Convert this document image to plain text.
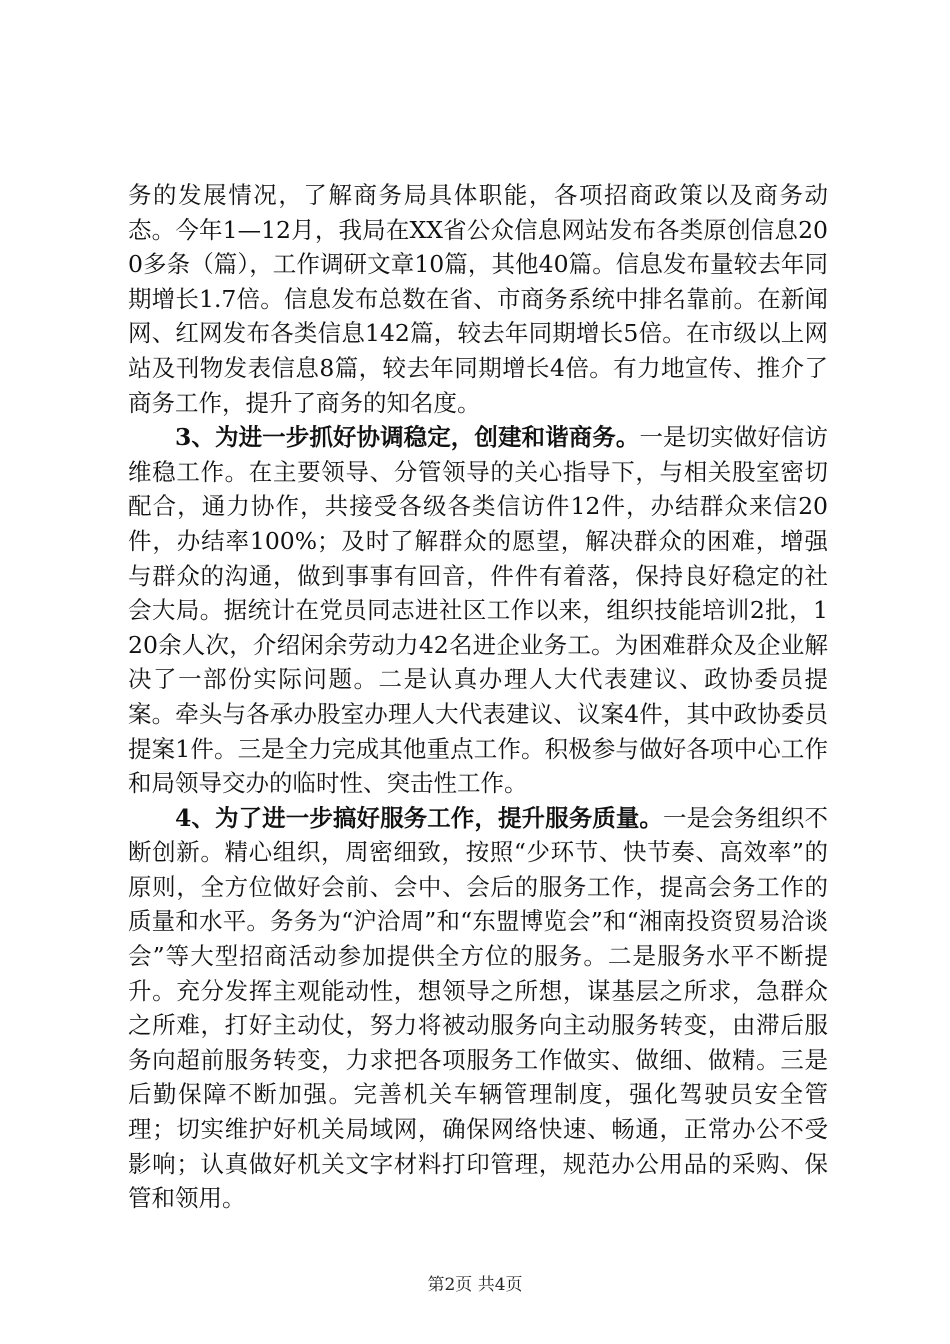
务的发展情况，了解商务局具体职能，各项招商政策以及商务动态。今年1—12月，我局在XX省公众信息网站发布各类原创信息200多条（篇），工作调研文章10篇，其他40篇。信息发布量较去年同期增长1.7倍。信息发布总数在省、市商务系统中排名靠前。在新闻网、红网发布各类信息142篇，较去年同期增长5倍。在市级以上网站及刊物发表信息8篇，较去年同期增长4倍。有力地宣传、推介了商务工作，提升了商务的知名度。

3、为进一步抓好协调稳定，创建和谐商务。一是切实做好信访维稳工作。在主要领导、分管领导的关心指导下，与相关股室密切配合，通力协作，共接受各级各类信访件12件，办结群众来信20件，办结率100%；及时了解群众的愿望，解决群众的困难，增强与群众的沟通，做到事事有回音，件件有着落，保持良好稳定的社会大局。据统计在党员同志进社区工作以来，组织技能培训2批，120余人次，介绍闲余劳动力42名进企业务工。为困难群众及企业解决了一部份实际问题。二是认真办理人大代表建议、政协委员提案。牵头与各承办股室办理人大代表建议、议案4件，其中政协委员提案1件。三是全力完成其他重点工作。积极参与做好各项中心工作和局领导交办的临时性、突击性工作。

4、为了进一步搞好服务工作，提升服务质量。一是会务组织不断创新。精心组织，周密细致，按照“少环节、快节奏、高效率”的原则，全方位做好会前、会中、会后的服务工作，提高会务工作的质量和水平。务务为“沪洽周”和“东盟博览会”和“湘南投资贸易洽谈会”等大型招商活动参加提供全方位的服务。二是服务水平不断提升。充分发挥主观能动性，想领导之所想，谋基层之所求，急群众之所难，打好主动仗，努力将被动服务向主动服务转变，由滞后服务向超前服务转变，力求把各项服务工作做实、做细、做精。三是后勤保障不断加强。完善机关车辆管理制度，强化驾驶员安全管理；切实维护好机关局域网，确保网络快速、畅通，正常办公不受影响；认真做好机关文字材料打印管理，规范办公用品的采购、保管和领用。

第2页 共4页
